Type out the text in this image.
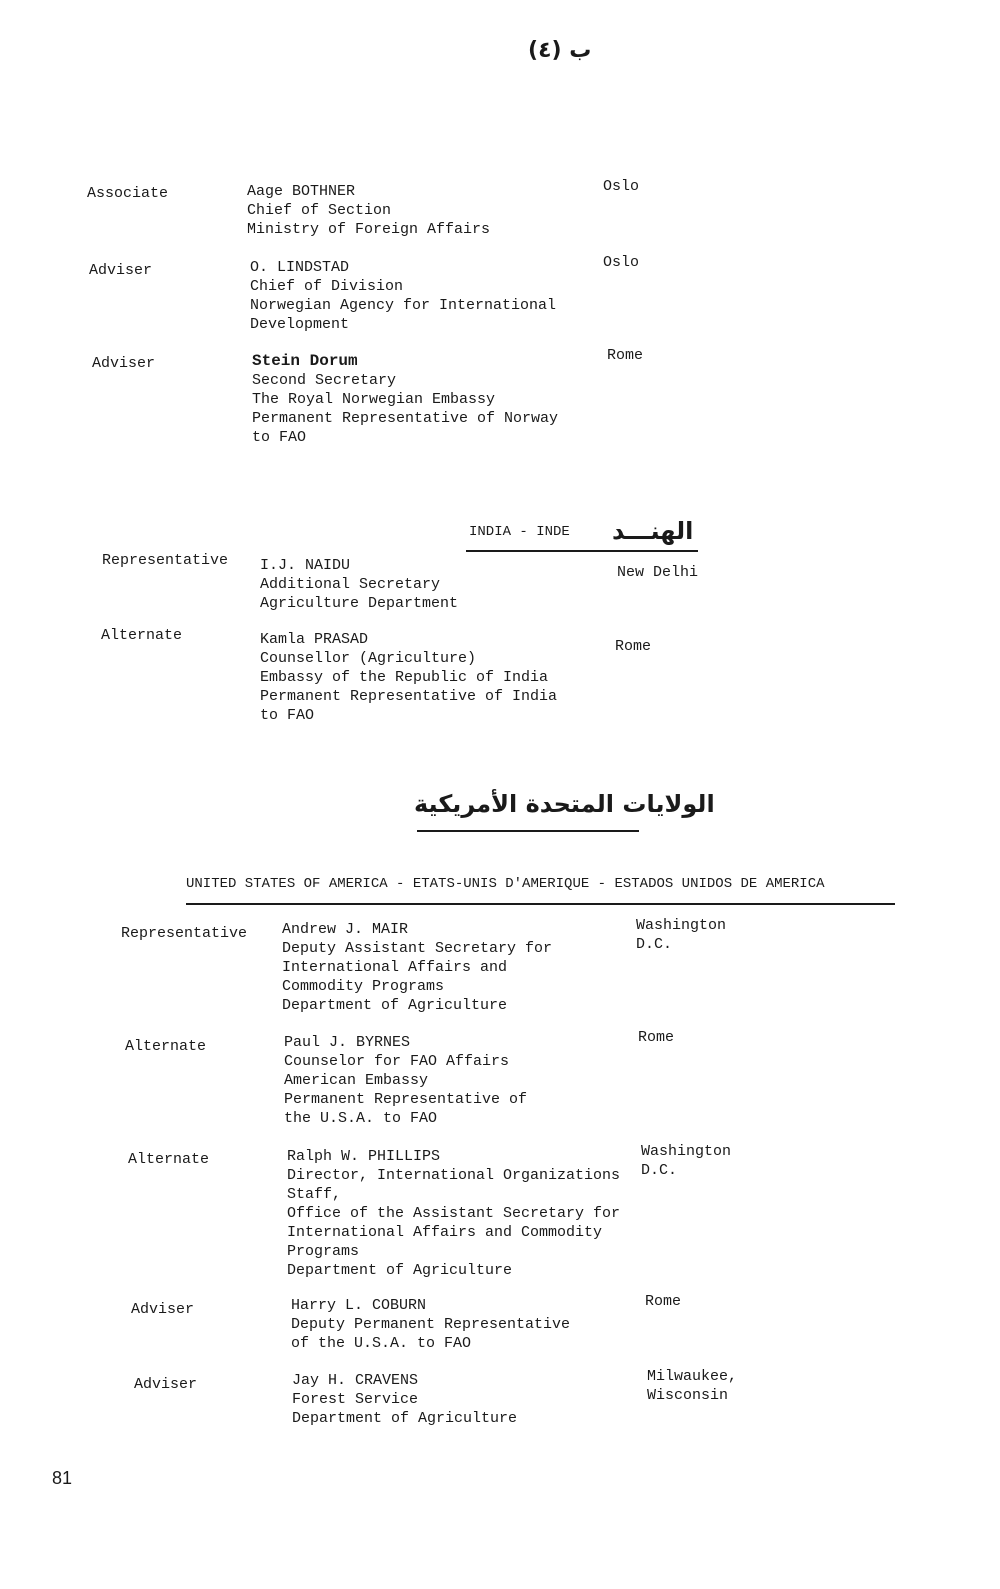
ب (٤)
Associate	Aage BOTHNER
Chief of Section
Ministry of Foreign Affairs
Oslo
Adviser	O. LINDSTAD
Chief of Division
Norwegian Agency for International
Development
Oslo
Adviser	Stein Dorum
Second Secretary
The Royal Norwegian Embassy
Permanent Representative of Norway
to FAO
Rome
INDIA - INDE الهنـــد
Representative I.J. NAIDU
Additional Secretary
Agriculture Department
New Delhi
Alternate	Kamla PRASAD
Counsellor (Agriculture)
Embassy of the Republic of India
Permanent Representative of India
to FAO
Rome
الولايات المتحدة الأمريكية
UNITED STATES OF AMERICA - ETATS-UNIS D'AMERIQUE - ESTADOS UNIDOS DE AMERICA
Representative Andrew J. MAIR
Deputy Assistant Secretary for
International Affairs and
Commodity Programs
Department of Agriculture
Washington
D.C.
Alternate	Paul J. BYRNES
Counselor for FAO Affairs
American Embassy
Permanent Representative of
the U.S.A. to FAO
Rome
Alternate	Ralph W. PHILLIPS
Director, International Organizations
Staff,
Office of the Assistant Secretary for
International Affairs and Commodity
Programs
Department of Agriculture
Washington
D.C.
Adviser	Harry L. COBURN
Deputy Permanent Representative
of the U.S.A. to FAO
Rome
Adviser	Jay H. CRAVENS
Forest Service
Department of Agriculture
Milwaukee,
Wisconsin
81
